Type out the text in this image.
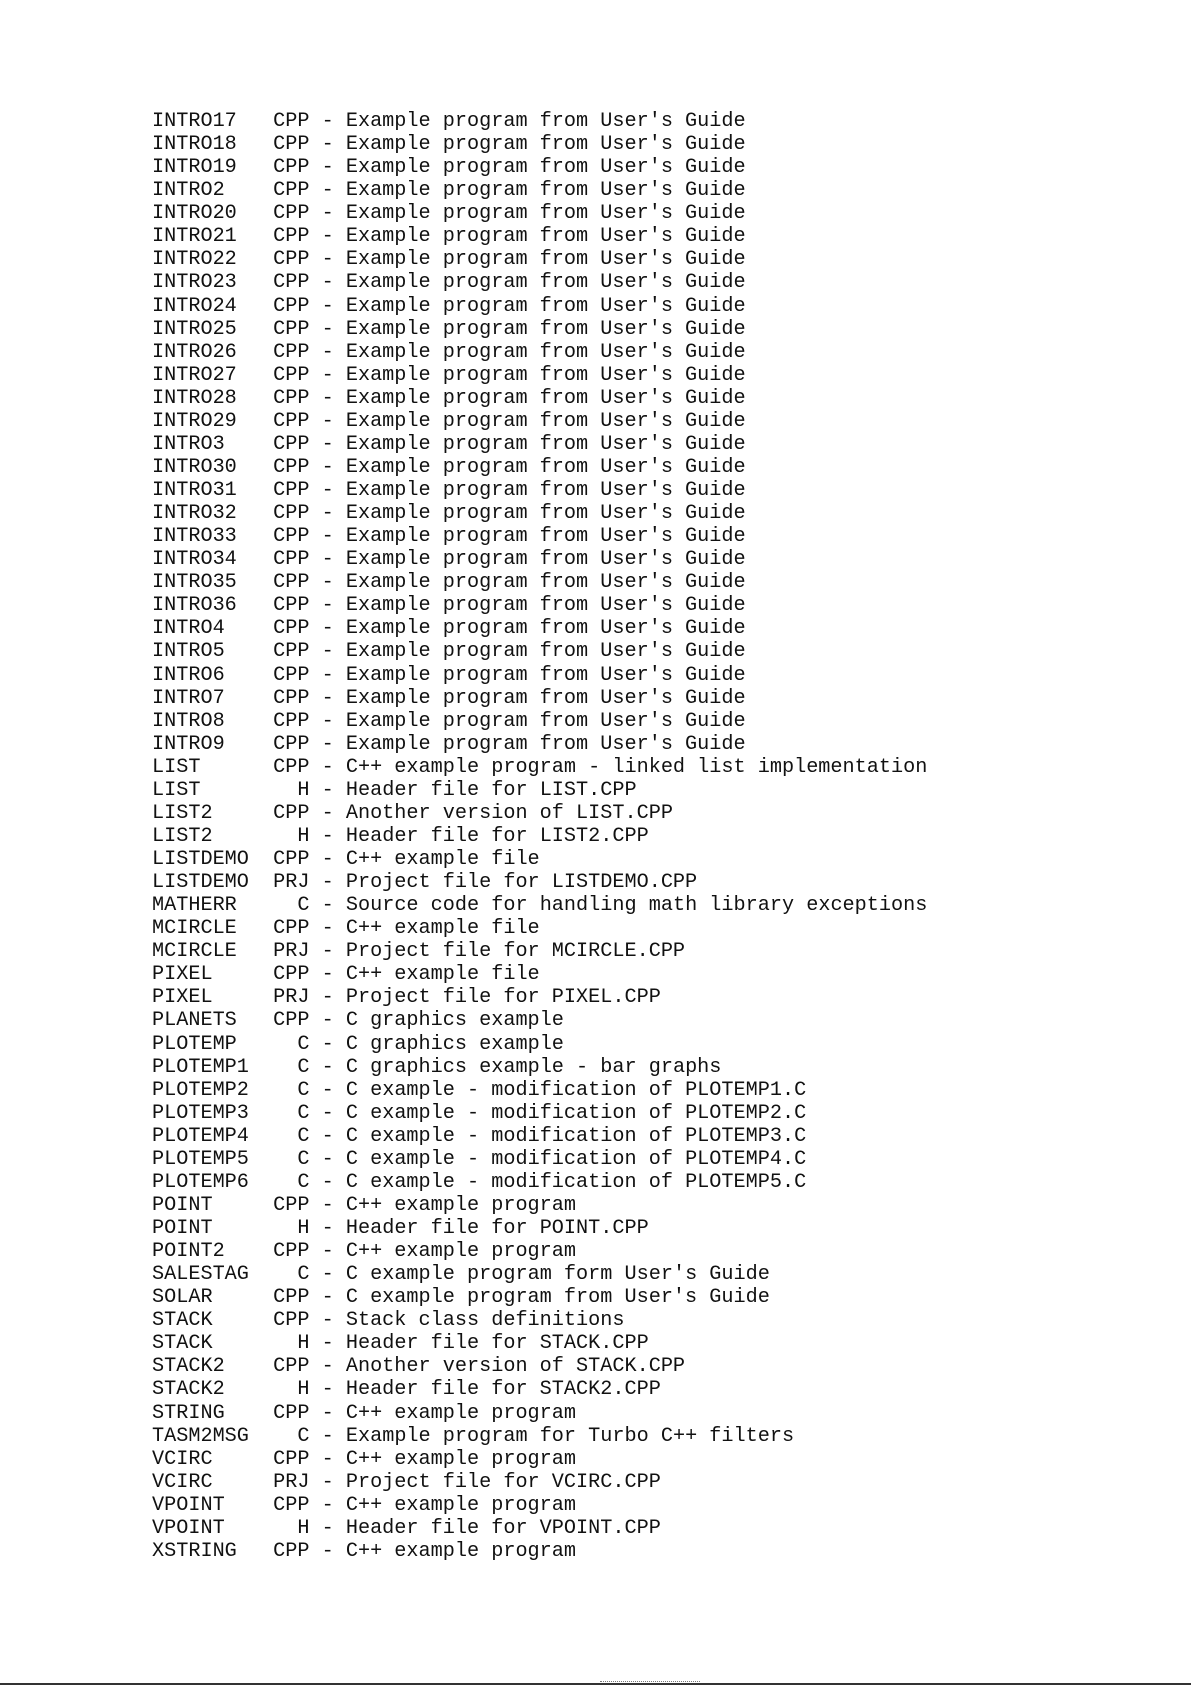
INTRO17 CPP - Example program from User's Guide
INTRO18 CPP - Example program from User's Guide
INTRO19 CPP - Example program from User's Guide
INTRO2 CPP - Example program from User's Guide
INTRO20 CPP - Example program from User's Guide
INTRO21 CPP - Example program from User's Guide
INTRO22 CPP - Example program from User's Guide
INTRO23 CPP - Example program from User's Guide
INTRO24 CPP - Example program from User's Guide
INTRO25 CPP - Example program from User's Guide
INTRO26 CPP - Example program from User's Guide
INTRO27 CPP - Example program from User's Guide
INTRO28 CPP - Example program from User's Guide
INTRO29 CPP - Example program from User's Guide
INTRO3 CPP - Example program from User's Guide
INTRO30 CPP - Example program from User's Guide
INTRO31 CPP - Example program from User's Guide
INTRO32 CPP - Example program from User's Guide
INTRO33 CPP - Example program from User's Guide
INTRO34 CPP - Example program from User's Guide
INTRO35 CPP - Example program from User's Guide
INTRO36 CPP - Example program from User's Guide
INTRO4 CPP - Example program from User's Guide
INTRO5 CPP - Example program from User's Guide
INTRO6 CPP - Example program from User's Guide
INTRO7 CPP - Example program from User's Guide
INTRO8 CPP - Example program from User's Guide
INTRO9 CPP - Example program from User's Guide
LIST	CPP - C++ example program - linked list implementation
LIST	H - Header file for LIST.CPP
LIST2	CPP - Another version of LIST.CPP
LIST2	H - Header file for LIST2.CPP
LISTDEMO CPP - C++ example file
LISTDEMO PRJ - Project file for LISTDEMO.CPP
MATHERR	C - Source code for handling math library exceptions
MCIRCLE CPP - C++ example file
MCIRCLE PRJ - Project file for MCIRCLE.CPP
PIXEL	CPP - C++ example file
PIXEL	PRJ - Project file for PIXEL.CPP
PLANETS CPP - C graphics example
PLOTEMP	C - C graphics example
PLOTEMP1 C - C graphics example - bar graphs
PLOTEMP2 C - C example - modification of PLOTEMP1.C
PLOTEMP3 C - C example - modification of PLOTEMP2.C
PLOTEMP4 C - C example - modification of PLOTEMP3.C
PLOTEMP5 C - C example - modification of PLOTEMP4.C
PLOTEMP6 C - C example - modification of PLOTEMP5.C
POINT	CPP - C++ example program
POINT	H - Header file for POINT.CPP
POINT2 CPP - C++ example program
SALESTAG C - C example program form User's Guide
SOLAR	CPP - C example program from User's Guide
STACK	CPP - Stack class definitions
STACK	H - Header file for STACK.CPP
STACK2 CPP - Another version of STACK.CPP
STACK2	H - Header file for STACK2.CPP
STRING CPP - C++ example program
TASM2MSG C - Example program for Turbo C++ filters
VCIRC	CPP - C++ example program
VCIRC	PRJ - Project file for VCIRC.CPP
VPOINT CPP - C++ example program
VPOINT	H - Header file for VPOINT.CPP
XSTRING CPP - C++ example program
